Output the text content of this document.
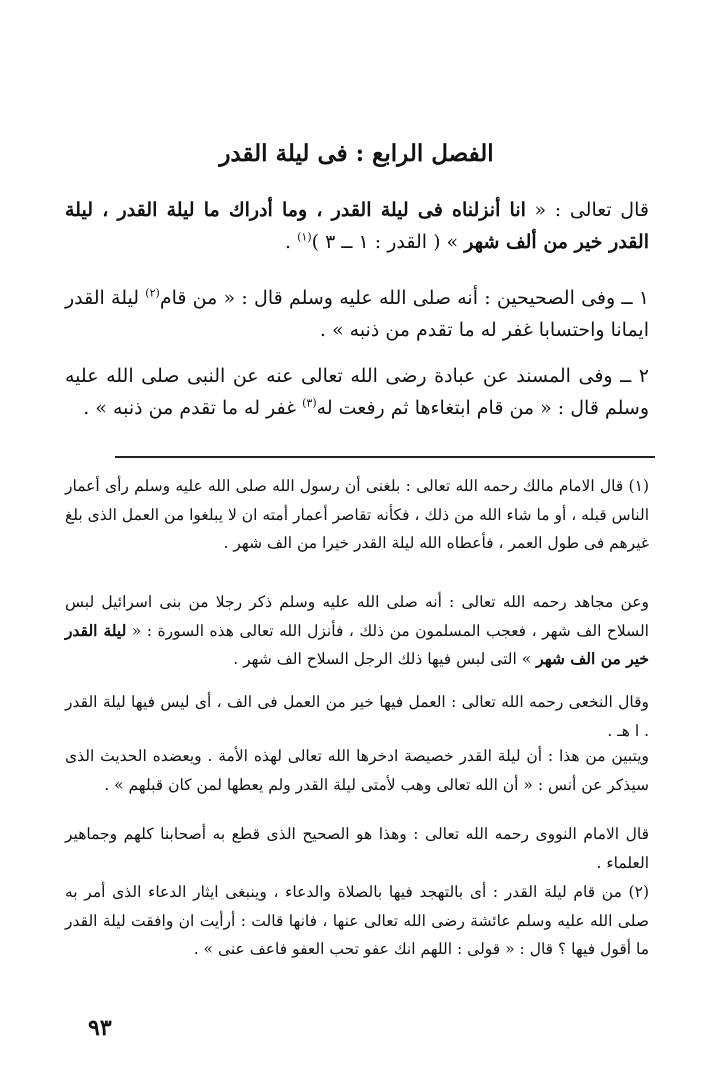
الفصل الرابع : فى ليلة القدر

قال تعالى : « انا أنزلناه فى ليلة القدر ، وما أدراك ما ليلة القدر ، ليلة القدر خير من ألف شهر » ( القدر : ١ ــ ٣ )$^{(١)}$ .

١ ــ وفى الصحيحين : أنه صلى الله عليه وسلم قال : « من قام$^{(٢)}$ ليلة القدر ايمانا واحتسابا غفر له ما تقدم من ذنبه » .

٢ ــ وفى المسند عن عبادة رضى الله تعالى عنه عن النبى صلى الله عليه وسلم قال : « من قام ابتغاءها ثم رفعت له$^{(٣)}$ غفر له ما تقدم من ذنبه » .

(١) قال الامام مالك رحمه الله تعالى : بلغنى أن رسول الله صلى الله عليه وسلم رأى أعمار الناس قبله ، أو ما شاء الله من ذلك ، فكأنه تقاصر أعمار أمته ان لا يبلغوا من العمل الذى بلغ غيرهم فى طول العمر ، فأعطاه الله ليلة القدر خيرا من الف شهر .

وعن مجاهد رحمه الله تعالى : أنه صلى الله عليه وسلم ذكر رجلا من بنى اسرائيل لبس السلاح الف شهر ، فعجب المسلمون من ذلك ، فأنزل الله تعالى هذه السورة : « ليلة القدر خير من الف شهر » التى لبس فيها ذلك الرجل السلاح الف شهر .

وقال النخعى رحمه الله تعالى : العمل فيها خير من العمل فى الف ، أى ليس فيها ليلة القدر . ا هـ .

ويتبين من هذا : أن ليلة القدر خصيصة ادخرها الله تعالى لهذه الأمة . ويعضده الحديث الذى سيذكر عن أنس : « أن الله تعالى وهب لأمتى ليلة القدر ولم يعطها لمن كان قبلهم » .

قال الامام النووى رحمه الله تعالى : وهذا هو الصحيح الذى قطع به أصحابنا كلهم وجماهير العلماء .

(٢) من قام ليلة القدر : أى بالتهجد فيها بالصلاة والدعاء ، وينبغى ايثار الدعاء الذى أمر به صلى الله عليه وسلم عائشة رضى الله تعالى عنها ، فانها قالت : أرأيت ان وافقت ليلة القدر ما أقول فيها ؟ قال : « قولى : اللهم انك عفو تحب العفو فاعف عنى » .

٩٣
